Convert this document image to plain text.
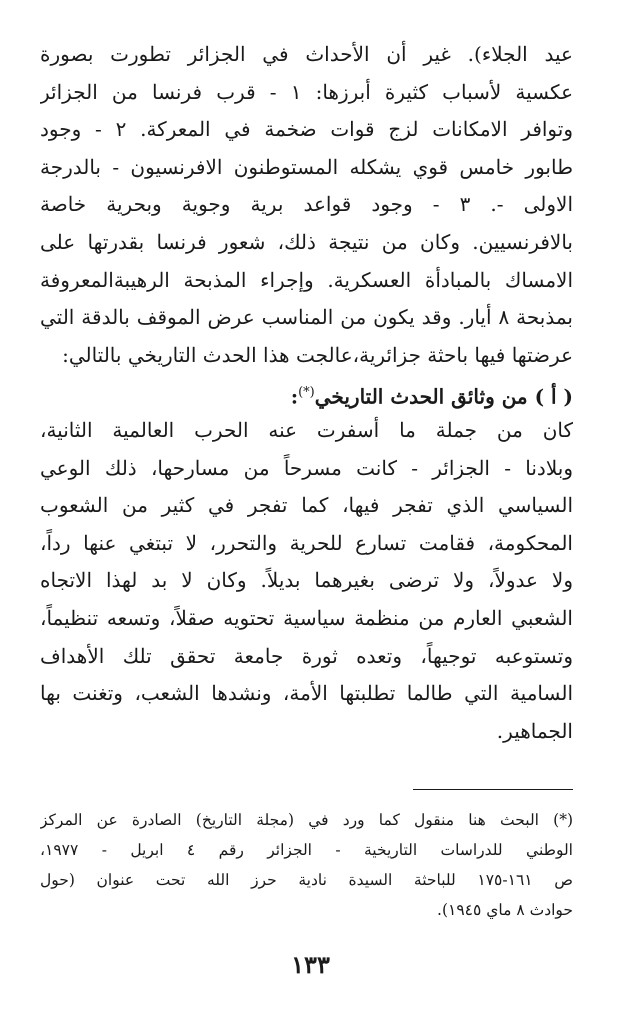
عيد الجلاء). غير أن الأحداث في الجزائر تطورت بصورة
عكسية لأسباب كثيرة أبرزها: ١ - قرب فرنسا من الجزائر
وتوافر الامكانات لزج قوات ضخمة في المعركة. ٢ - وجود
طابور خامس قوي يشكله المستوطنون الافرنسيون - بالدرجة
الاولى -. ٣ - وجود قواعد برية وجوية وبحرية خاصة
بالافرنسيين. وكان من نتيجة ذلك، شعور فرنسا بقدرتها على
الامساك بالمبادأة العسكرية. وإجراء المذبحة الرهيبةالمعروفة
بمذبحة ٨ أيار. وقد يكون من المناسب عرض الموقف بالدقة التي
عرضتها فيها باحثة جزائرية،عالجت هذا الحدث التاريخي بالتالي:
( أ ) من وثائق الحدث التاريخي(*):
كان من جملة ما أسفرت عنه الحرب العالمية الثانية،
وبلادنا - الجزائر - كانت مسرحاً من مسارحها، ذلك الوعي
السياسي الذي تفجر فيها، كما تفجر في كثير من الشعوب
المحكومة، فقامت تسارع للحرية والتحرر، لا تبتغي عنها رداً،
ولا عدولاً، ولا ترضى بغيرهما بديلاً. وكان لا بد لهذا الاتجاه
الشعبي العارم من منظمة سياسية تحتويه صقلاً، وتسعه تنظيماً،
وتستوعبه توجيهاً، وتعده ثورة جامعة تحقق تلك الأهداف
السامية التي طالما تطلبتها الأمة، ونشدها الشعب، وتغنت بها
الجماهير.
(*) البحث هنا منقول كما ورد في (مجلة التاريخ) الصادرة عن المركز
الوطني للدراسات التاريخية - الجزائر رقم ٤ ابريل - ١٩٧٧،
ص ١٦١-١٧٥ للباحثة السيدة نادية حرز الله تحت عنوان (حول
حوادث ٨ ماي ١٩٤٥).
١٣٣
